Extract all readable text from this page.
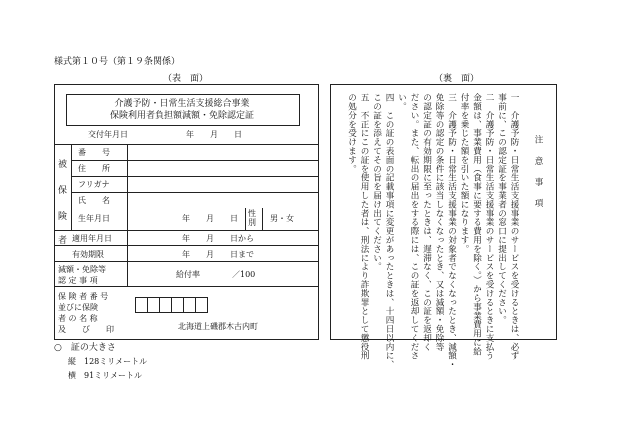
様式第１０号（第１９条関係）
（表　面）	（裏　面）
介護予防・日常生活支援総合事業
保険利用者負担額減額・免除認定証
交付年月日	年　　月　　日
被
保
険
者
番　　号
住　　所
フリガナ
氏　　名
生年月日	年　　月　　日
性別	男・女
適用年月日	年　　月　　日から
有効期限	年　　月　　日まで
減額・免除等
認 定 事 項
給付率　　　　／100
保 険 者 番 号
並びに保険
者 の 名 称
及　　び　　印	北海道上磯郡木古内町
注　意　事　項
一　介護予防・日常生活支援事業のサービスを受けるときは、必ず
事前に、この認定証を事業者の窓口に提出してください。
二　介護予防・日常生活支援事業のサービスを受けるときに支払う
金額は、事業費用（食事に要する費用を除く。）から事業費用に給
付率を乗じた額を引いた額になります。
三　介護予防・日常生活支援事業の対象者でなくなったとき、減額・
免除等の認定の条件に該当しなくなったとき、又は減額・免除等
の認定証の有効期限に至ったときは、遅滞なく、この証を返却く
ださい。また、転出の届出をする際には、この証を返却してくださ
い。
四　この証の表面の記載事項に変更があったときは、十四日以内に、
この証を添えてその旨を届け出てください。
五　不正にこの証を使用した者は、刑法により詐欺罪として懲役刑
の処分を受けます。
○　証の大きさ
縦　128ミリメートル
横　91ミリメートル
